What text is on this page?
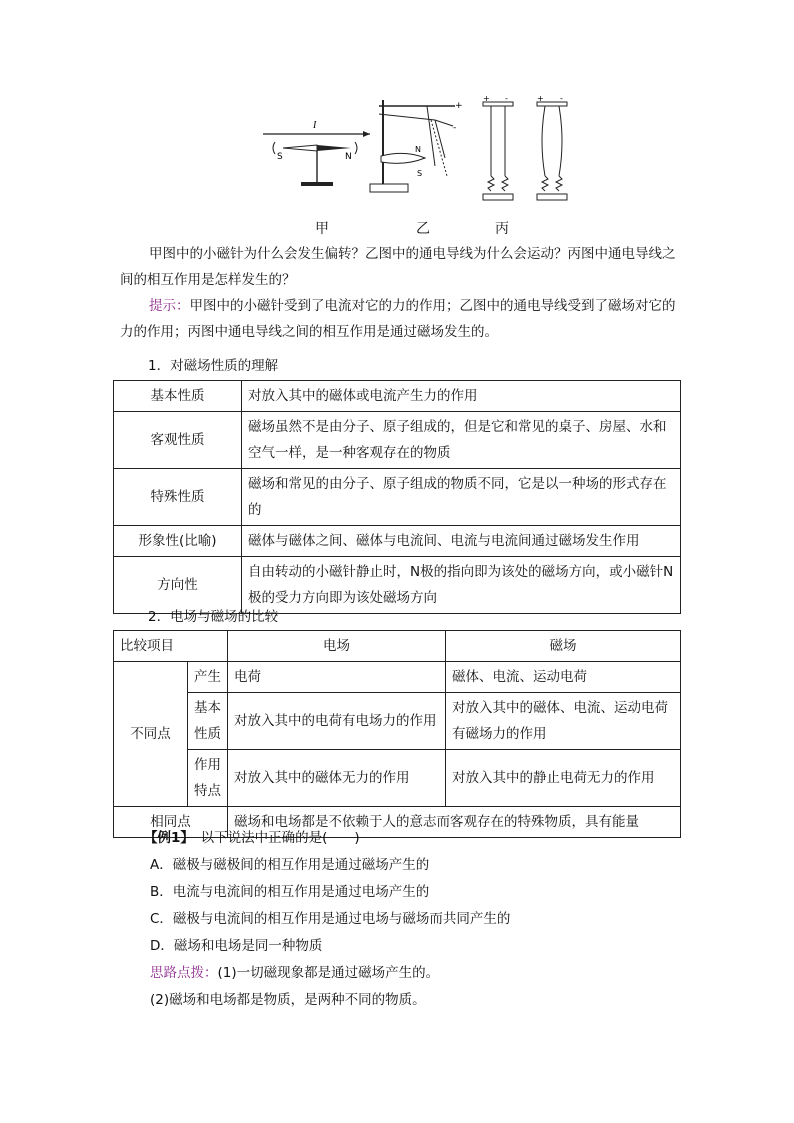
I
S	N
N
S
+
-
+ -	+ -
甲	乙	丙
甲图中的小磁针为什么会发生偏转？乙图中的通电导线为什么会运动？丙图中通电导线之间的相互作用是怎样发生的？
提示：甲图中的小磁针受到了电流对它的力的作用；乙图中的通电导线受到了磁场对它的力的作用；丙图中通电导线之间的相互作用是通过磁场发生的。
1．对磁场性质的理解
基本性质	对放入其中的磁体或电流产生力的作用
客观性质	磁场虽然不是由分子、原子组成的，但是它和常见的桌子、房屋、水和空气一样，是一种客观存在的物质
特殊性质	磁场和常见的由分子、原子组成的物质不同，它是以一种场的形式存在的
形象性(比喻)	磁体与磁体之间、磁体与电流间、电流与电流间通过磁场发生作用
方向性	自由转动的小磁针静止时，N极的指向即为该处的磁场方向，或小磁针N极的受力方向即为该处磁场方向
2．电场与磁场的比较
比较项目		电场	磁场
不同点	产生	电荷	磁体、电流、运动电荷
	基本性质	对放入其中的电荷有电场力的作用	对放入其中的磁体、电流、运动电荷有磁场力的作用
	作用特点	对放入其中的磁体无力的作用	对放入其中的静止电荷无力的作用
相同点		磁场和电场都是不依赖于人的意志而客观存在的特殊物质，具有能量	
【例1】　 以下说法中正确的是(　　)
A．磁极与磁极间的相互作用是通过磁场产生的
B．电流与电流间的相互作用是通过电场产生的
C．磁极与电流间的相互作用是通过电场与磁场而共同产生的
D．磁场和电场是同一种物质
思路点拨：(1)一切磁现象都是通过磁场产生的。
(2)磁场和电场都是物质，是两种不同的物质。
